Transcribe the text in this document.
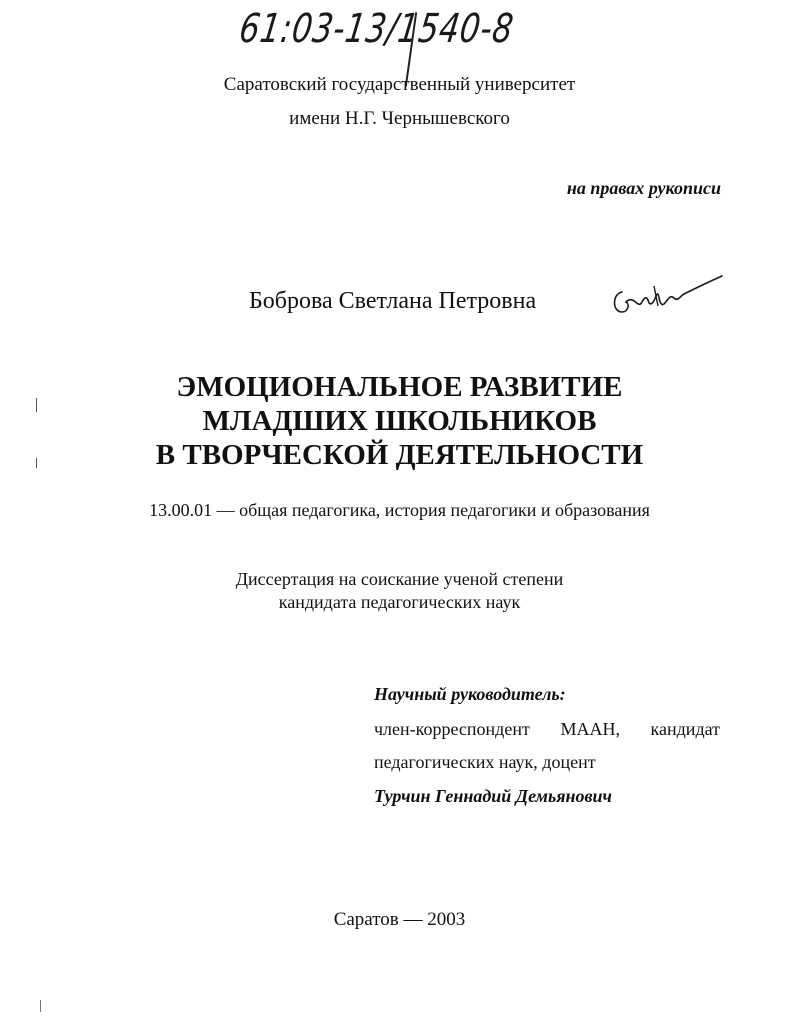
61:03-13/1540-8
Саратовский государственный университет
имени Н.Г. Чернышевского
на правах рукописи
Боброва Светлана Петровна
ЭМОЦИОНАЛЬНОЕ РАЗВИТИЕ
МЛАДШИХ ШКОЛЬНИКОВ
В ТВОРЧЕСКОЙ ДЕЯТЕЛЬНОСТИ
13.00.01 — общая педагогика, история педагогики и образования
Диссертация на соискание ученой степени
кандидата педагогических наук
Научный руководитель:
член-корреспондент МААН, кандидат
педагогических наук, доцент
Турчин Геннадий Демьянович
Саратов — 2003
